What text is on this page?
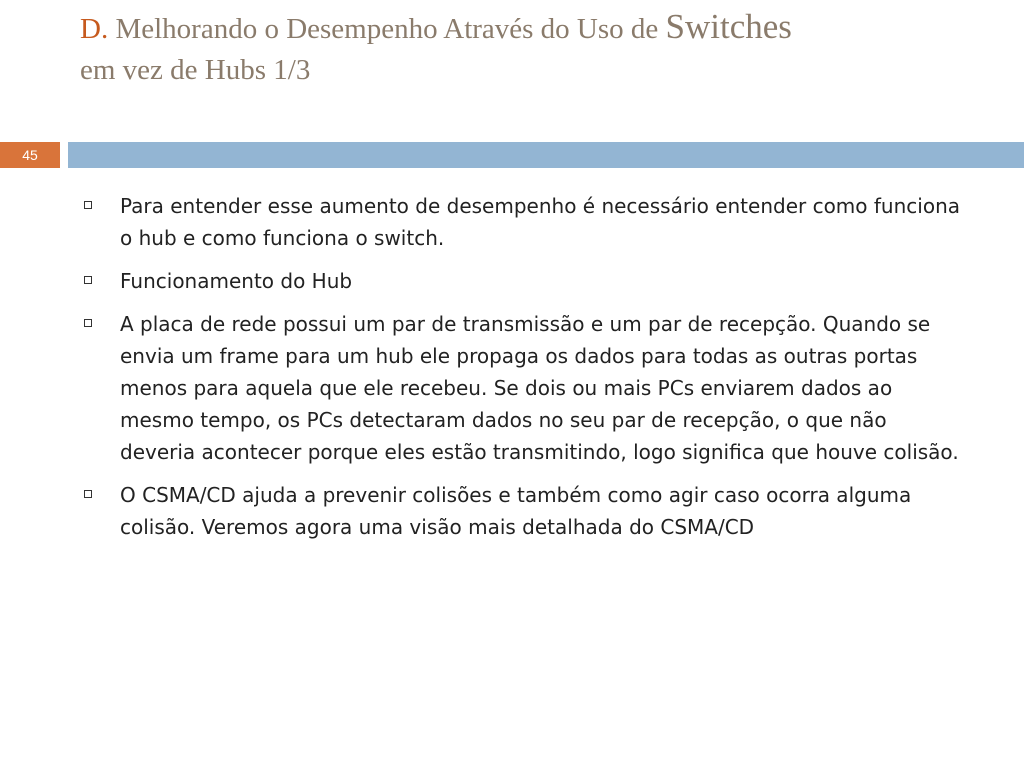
D. Melhorando o Desempenho Através do Uso de Switches
em vez de Hubs 1/3
45
Para entender esse aumento de desempenho é necessário entender como funciona o hub e como funciona o switch.
Funcionamento do Hub
A placa de rede possui um par de transmissão e um par de recepção. Quando se envia um frame para um hub ele propaga os dados para todas as outras portas menos para aquela que ele recebeu. Se dois ou mais PCs enviarem dados ao mesmo tempo, os PCs detectaram dados no seu par de recepção, o que não deveria acontecer porque eles estão transmitindo, logo significa que houve colisão.
O CSMA/CD ajuda a prevenir colisões e também como agir caso ocorra alguma colisão. Veremos agora uma visão mais detalhada do CSMA/CD
